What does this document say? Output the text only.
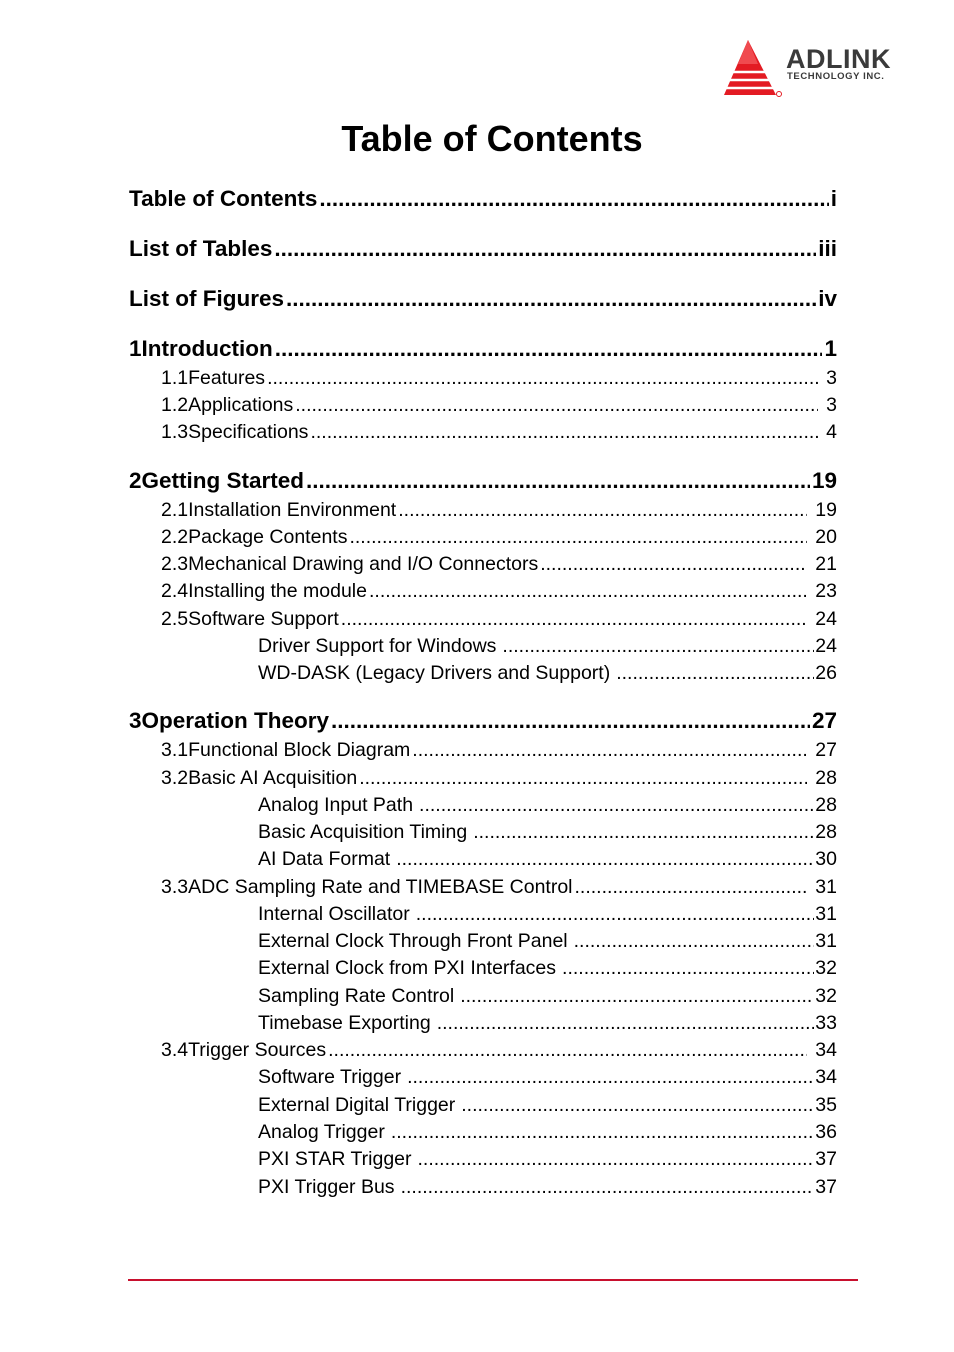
ADLINK
TECHNOLOGY INC.
Table of Contents
Table of Contents .....	i
List of Tables .....	iii
List of Figures .....	iv
1 Introduction .....	1
1.1 Features .....	3
1.2 Applications .....	3
1.3 Specifications .....	4
2 Getting Started .....	19
2.1 Installation Environment .....	19
2.2 Package Contents .....	20
2.3 Mechanical Drawing and I/O Connectors .....	21
2.4 Installing the module .....	23
2.5 Software Support .....	24
Driver Support for Windows .....	24
WD-DASK (Legacy Drivers and Support) .....	26
3 Operation Theory .....	27
3.1 Functional Block Diagram .....	27
3.2 Basic AI Acquisition .....	28
Analog Input Path .....	28
Basic Acquisition Timing .....	28
AI Data Format .....	30
3.3 ADC Sampling Rate and TIMEBASE Control .....	31
Internal Oscillator .....	31
External Clock Through Front Panel .....	31
External Clock from PXI Interfaces .....	32
Sampling Rate Control .....	32
Timebase Exporting .....	33
3.4 Trigger Sources .....	34
Software Trigger .....	34
External Digital Trigger .....	35
Analog Trigger .....	36
PXI STAR Trigger .....	37
PXI Trigger Bus .....	37
